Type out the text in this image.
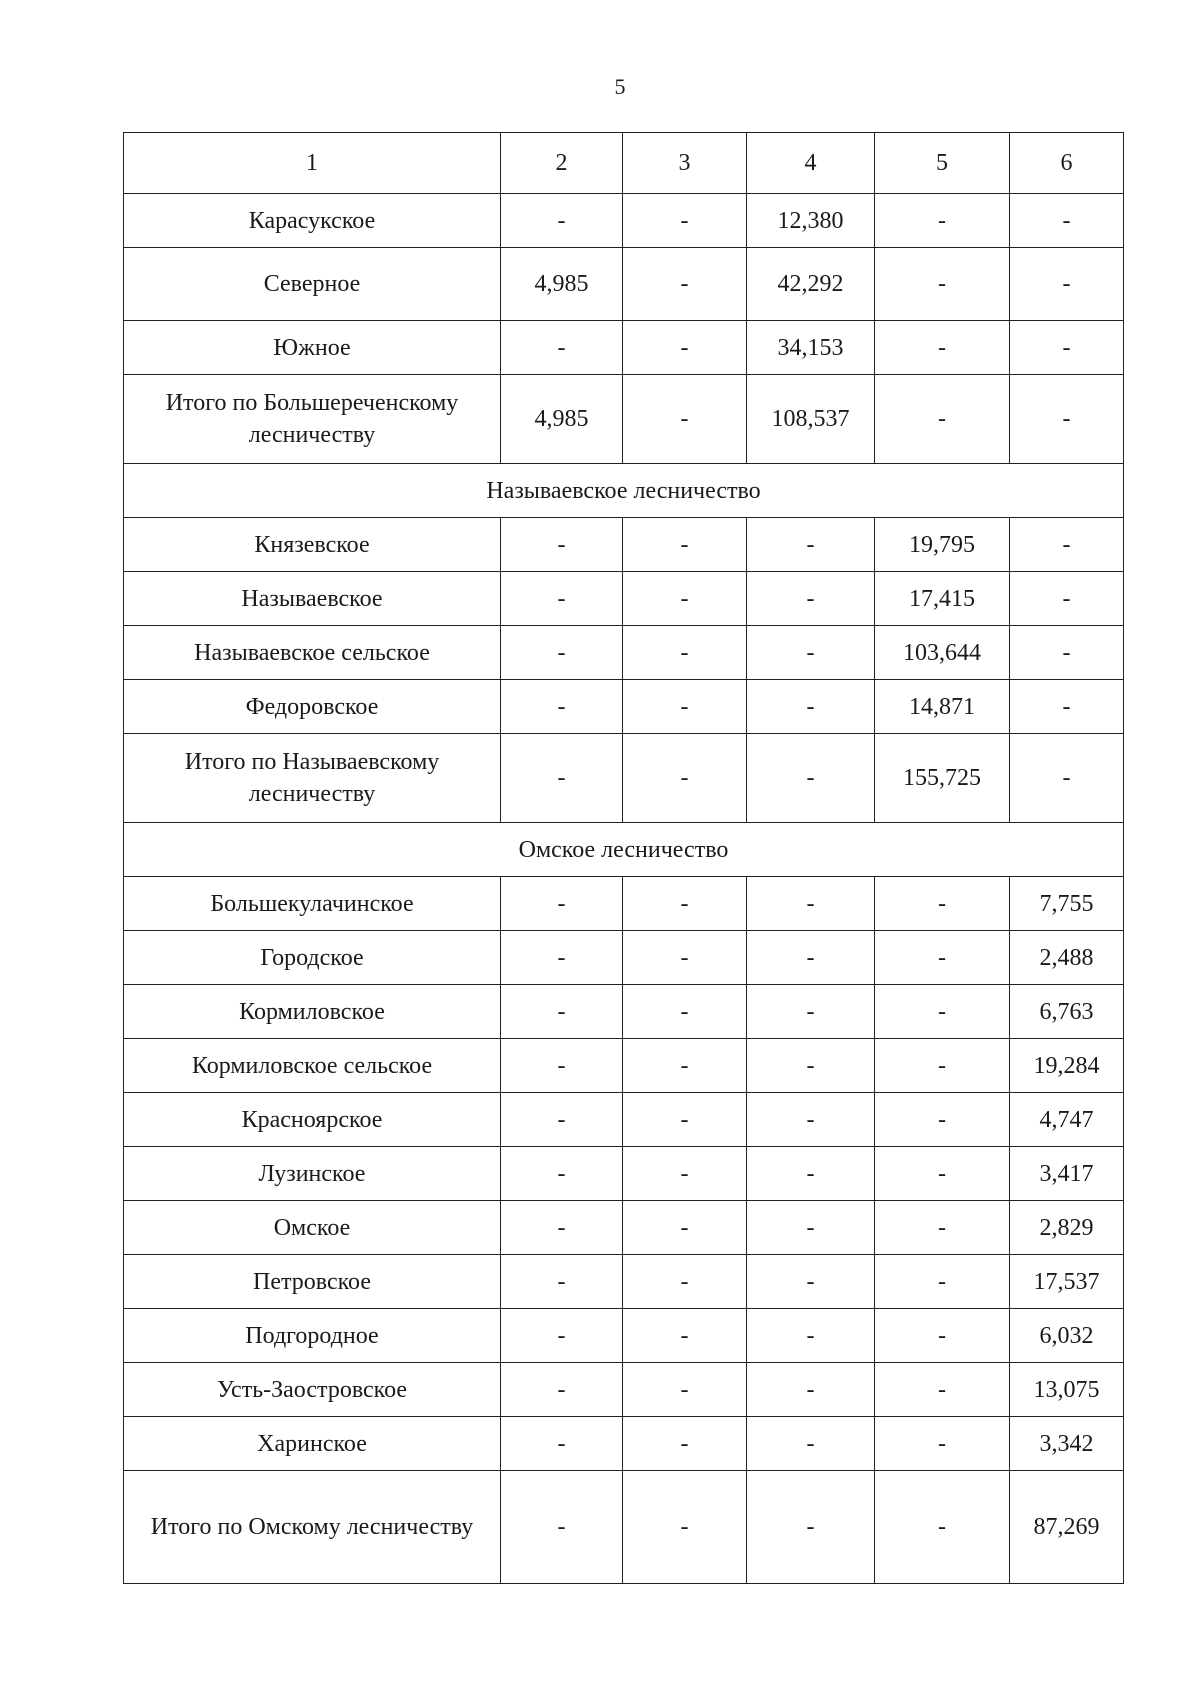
5
1	2	3	4	5	6
Карасукское	-	-	12,380	-	-
Северное	4,985	-	42,292	-	-
Южное	-	-	34,153	-	-
Итого по Большереченскому лесничеству	4,985	-	108,537	-	-
Называевское лесничество					
Князевское	-	-	-	19,795	-
Называевское	-	-	-	17,415	-
Называевское сельское	-	-	-	103,644	-
Федоровское	-	-	-	14,871	-
Итого по Называевскому лесничеству	-	-	-	155,725	-
Омское лесничество					
Большекулачинское	-	-	-	-	7,755
Городское	-	-	-	-	2,488
Кормиловское	-	-	-	-	6,763
Кормиловское сельское	-	-	-	-	19,284
Красноярское	-	-	-	-	4,747
Лузинское	-	-	-	-	3,417
Омское	-	-	-	-	2,829
Петровское	-	-	-	-	17,537
Подгородное	-	-	-	-	6,032
Усть-Заостровское	-	-	-	-	13,075
Харинское	-	-	-	-	3,342
Итого по Омскому лесничеству	-	-	-	-	87,269
